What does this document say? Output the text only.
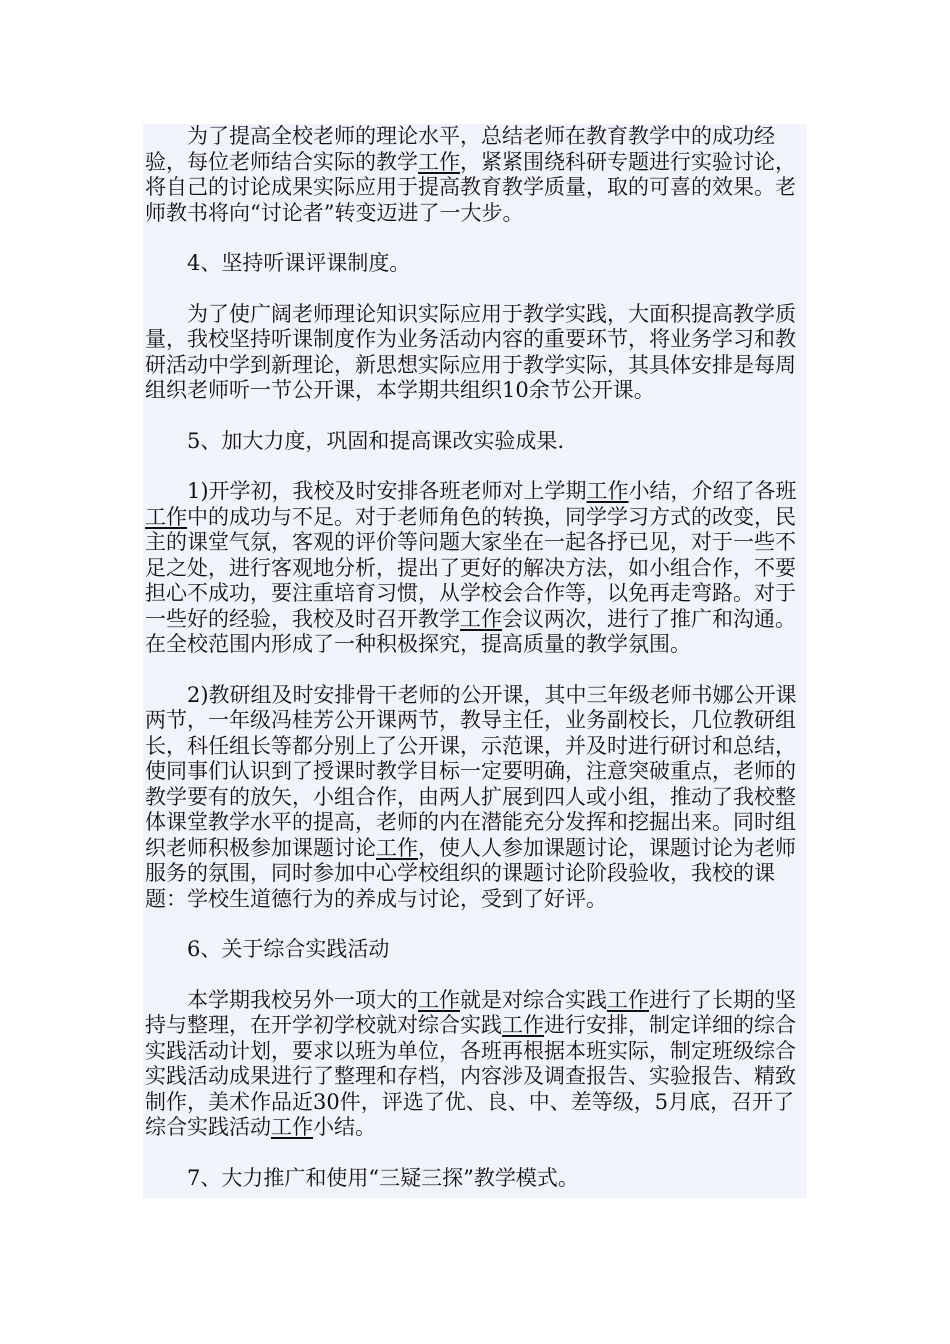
为了提高全校老师的理论水平，总结老师在教育教学中的成功经验，每位老师结合实际的教学工作，紧紧围绕科研专题进行实验讨论，将自己的讨论成果实际应用于提高教育教学质量，取的可喜的效果。老师教书将向“讨论者”转变迈进了一大步。

4、坚持听课评课制度。

为了使广阔老师理论知识实际应用于教学实践，大面积提高教学质量，我校坚持听课制度作为业务活动内容的重要环节，将业务学习和教研活动中学到新理论，新思想实际应用于教学实际，其具体安排是每周组织老师听一节公开课，本学期共组织10余节公开课。

5、加大力度，巩固和提高课改实验成果.

1)开学初，我校及时安排各班老师对上学期工作小结，介绍了各班工作中的成功与不足。对于老师角色的转换，同学学习方式的改变，民主的课堂气氛，客观的评价等问题大家坐在一起各抒已见，对于一些不足之处，进行客观地分析，提出了更好的解决方法，如小组合作，不要担心不成功，要注重培育习惯，从学校会合作等，以免再走弯路。对于一些好的经验，我校及时召开教学工作会议两次，进行了推广和沟通。在全校范围内形成了一种积极探究，提高质量的教学氛围。

2)教研组及时安排骨干老师的公开课，其中三年级老师书娜公开课两节，一年级冯桂芳公开课两节，教导主任，业务副校长，几位教研组长，科任组长等都分别上了公开课，示范课，并及时进行研讨和总结，使同事们认识到了授课时教学目标一定要明确，注意突破重点，老师的教学要有的放矢，小组合作，由两人扩展到四人或小组，推动了我校整体课堂教学水平的提高，老师的内在潜能充分发挥和挖掘出来。同时组织老师积极参加课题讨论工作，使人人参加课题讨论，课题讨论为老师服务的氛围，同时参加中心学校组织的课题讨论阶段验收，我校的课题：学校生道德行为的养成与讨论，受到了好评。

6、关于综合实践活动

本学期我校另外一项大的工作就是对综合实践工作进行了长期的坚持与整理，在开学初学校就对综合实践工作进行安排，制定详细的综合实践活动计划，要求以班为单位，各班再根据本班实际，制定班级综合实践活动成果进行了整理和存档，内容涉及调查报告、实验报告、精致制作，美术作品近30件，评选了优、良、中、差等级，5月底，召开了综合实践活动工作小结。

7、大力推广和使用“三疑三探”教学模式。
